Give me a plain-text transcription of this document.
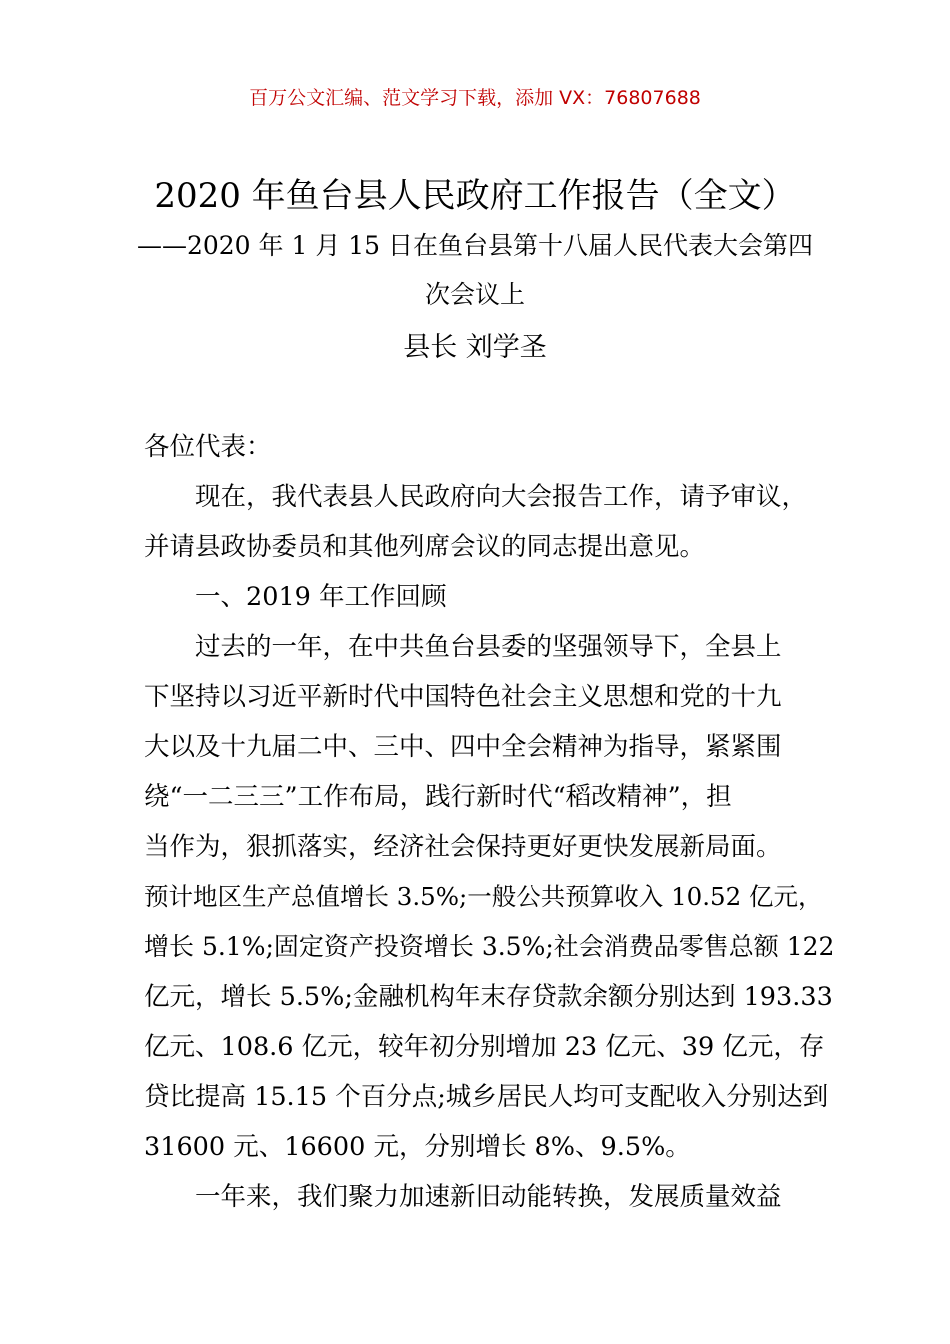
百万公文汇编、范文学习下载，添加 VX：76807688
2020 年鱼台县人民政府工作报告（全文）
——2020 年 1 月 15 日在鱼台县第十八届人民代表大会第四
次会议上
县长 刘学圣
各位代表：
现在，我代表县人民政府向大会报告工作，请予审议，
并请县政协委员和其他列席会议的同志提出意见。
一、2019 年工作回顾
过去的一年，在中共鱼台县委的坚强领导下，全县上
下坚持以习近平新时代中国特色社会主义思想和党的十九
大以及十九届二中、三中、四中全会精神为指导，紧紧围
绕“一二三三”工作布局，践行新时代“稻改精神”，担
当作为，狠抓落实，经济社会保持更好更快发展新局面。
预计地区生产总值增长 3.5%;一般公共预算收入 10.52 亿元，
增长 5.1%;固定资产投资增长 3.5%;社会消费品零售总额 122
亿元，增长 5.5%;金融机构年末存贷款余额分别达到 193.33
亿元、108.6 亿元，较年初分别增加 23 亿元、39 亿元，存
贷比提高 15.15 个百分点;城乡居民人均可支配收入分别达到
31600 元、16600 元，分别增长 8%、9.5%。
一年来，我们聚力加速新旧动能转换，发展质量效益
